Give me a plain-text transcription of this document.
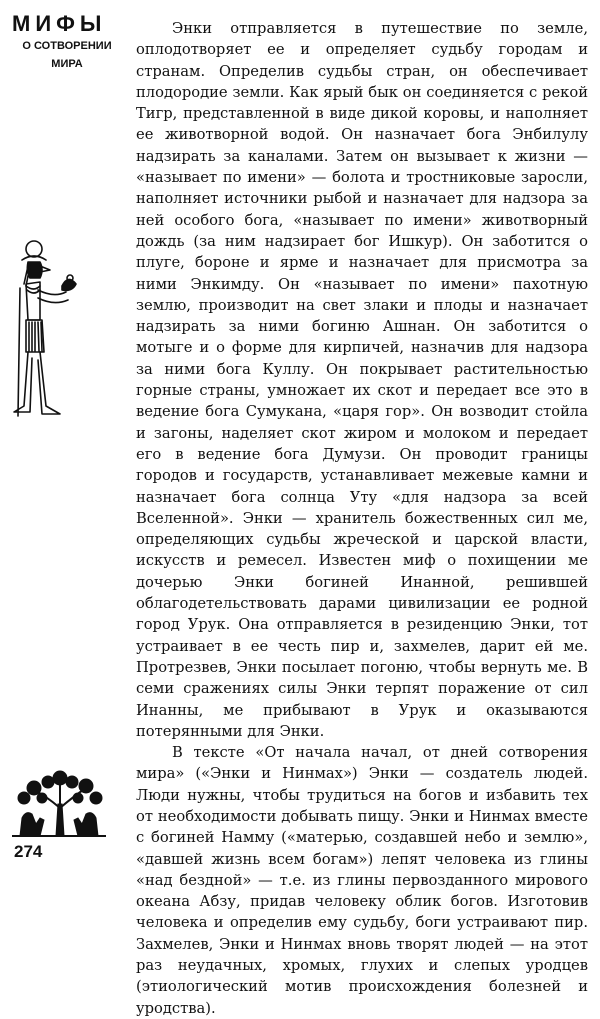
МИФЫ
О СОТВОРЕНИИ
МИРА

Энки отправляется в путешествие по земле, оплодотворяет ее и определяет судьбу городам и странам. Определив судьбы стран, он обеспечивает плодородие земли. Как ярый бык он соединяется с рекой Тигр, представленной в виде дикой коровы, и наполняет ее животворной водой. Он назначает бога Энбилулу надзирать за каналами. Затем он вызывает к жизни — «называет по имени» — болота и тростниковые заросли, наполняет источники рыбой и назначает для надзора за ней особого бога, «называет по имени» животворный дождь (за ним надзирает бог Ишкур). Он заботится о плуге, бороне и ярме и назначает для присмотра за ними Энкимду. Он «называет по имени» пахотную землю, производит на свет злаки и плоды и назначает надзирать за ними богиню Ашнан. Он заботится о мотыге и о форме для кирпичей, назначив для надзора за ними бога Куллу. Он покрывает растительностью горные страны, умножает их скот и передает все это в ведение бога Сумукана, «царя гор». Он возводит стойла и загоны, наделяет скот жиром и молоком и передает его в ведение бога Думузи. Он проводит границы городов и государств, устанавливает межевые камни и назначает бога солнца Уту «для надзора за всей Вселенной». Энки — хранитель божественных сил ме, определяющих судьбы жреческой и царской власти, искусств и ремесел. Известен миф о похищении ме дочерью Энки богиней Инанной, решившей облагодетельствовать дарами цивилизации ее родной город Урук. Она отправляется в резиденцию Энки, тот устраивает в ее честь пир и, захмелев, дарит ей ме. Протрезвев, Энки посылает погоню, чтобы вернуть ме. В семи сражениях силы Энки терпят поражение от сил Инанны, ме прибывают в Урук и оказываются потерянными для Энки.

В тексте «От начала начал, от дней сотворения мира» («Энки и Нинмах») Энки — создатель людей. Люди нужны, чтобы трудиться на богов и избавить тех от необходимости добывать пищу. Энки и Нинмах вместе с богиней Намму («матерью, создавшей небо и землю», «давшей жизнь всем богам») лепят человека из глины «над бездной» — т.е. из глины первозданного мирового океана Абзу, придав человеку облик богов. Изготовив человека и определив ему судьбу, боги устраивают пир. Захмелев, Энки и Нинмах вновь творят людей — на этот раз неудачных, хромых, глухих и слепых уродцев (этиологический мотив происхождения болезней и уродства).

274
